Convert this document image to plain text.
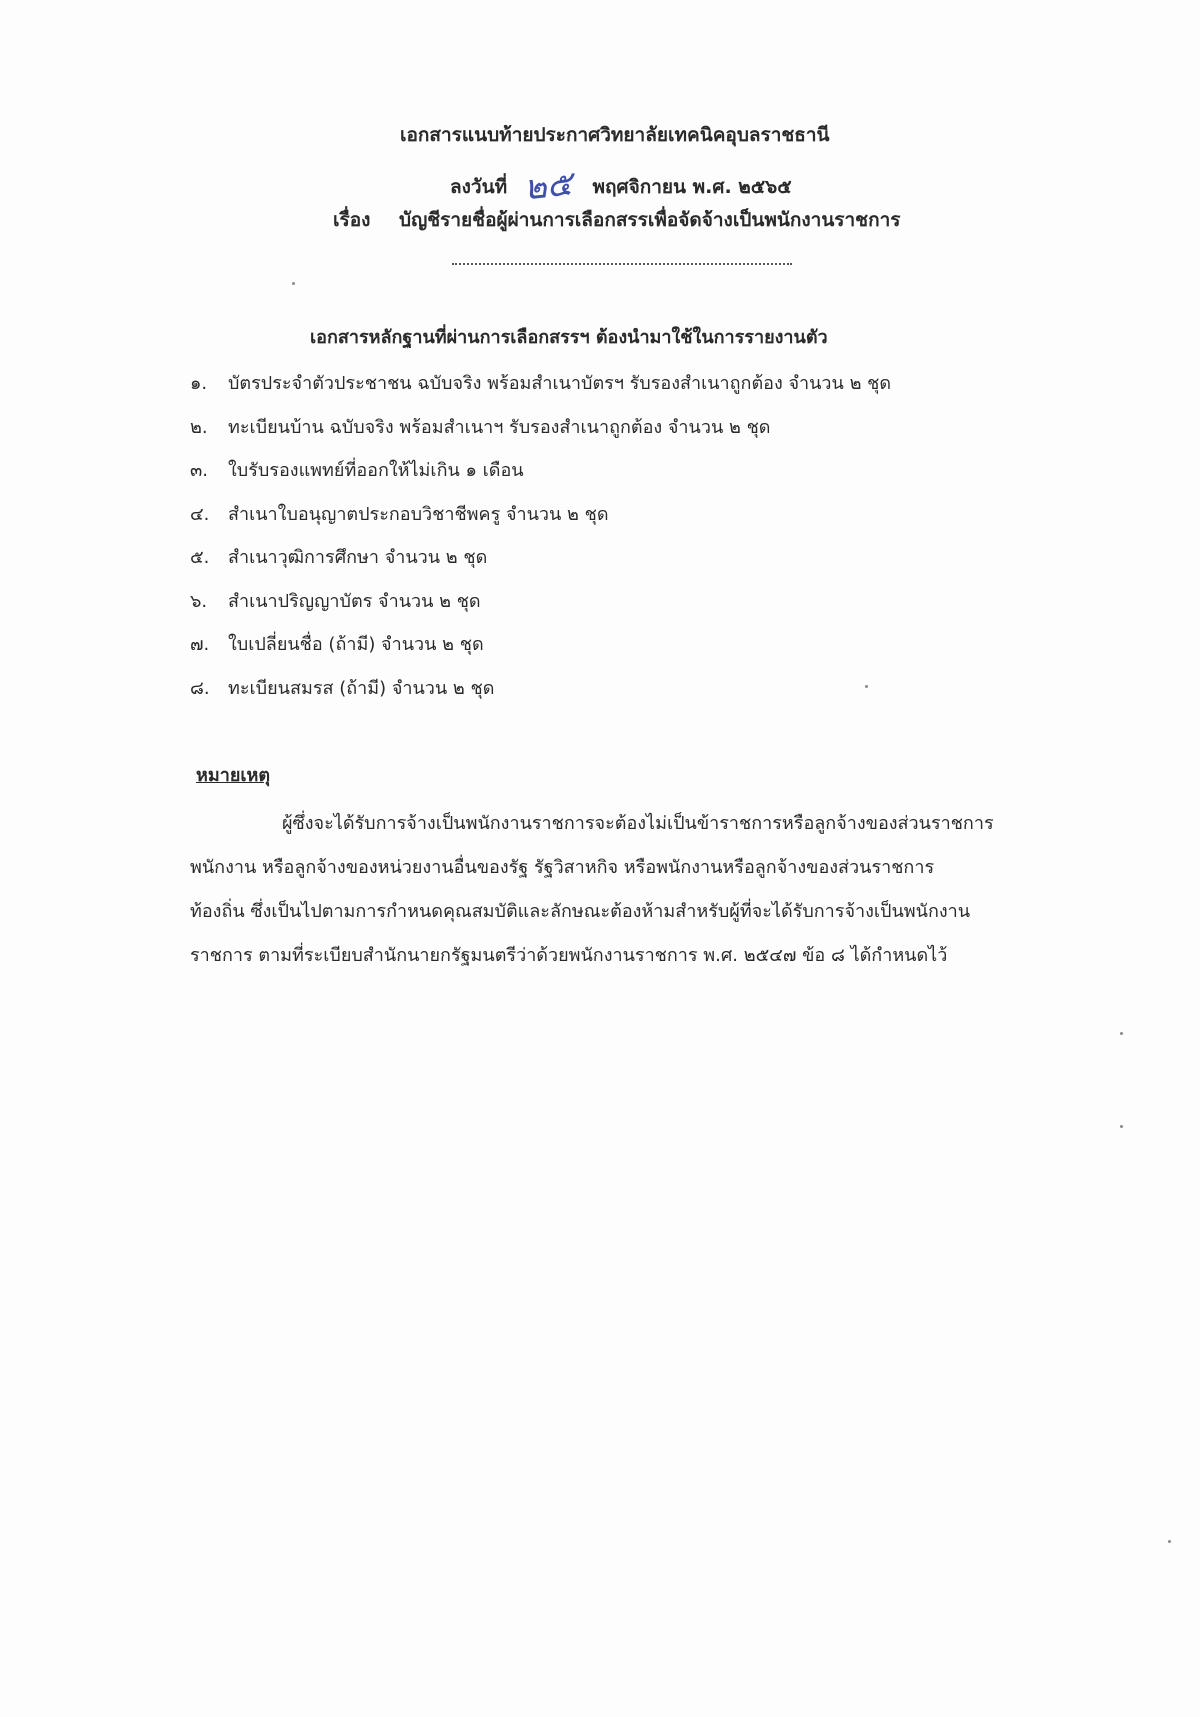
เอกสารแนบท้ายประกาศวิทยาลัยเทคนิคอุบลราชธานี
ลงวันที่ ๒๕ พฤศจิกายน พ.ศ. ๒๕๖๕
เรื่อง บัญชีรายชื่อผู้ผ่านการเลือกสรรเพื่อจัดจ้างเป็นพนักงานราชการ
เอกสารหลักฐานที่ผ่านการเลือกสรรฯ ต้องนำมาใช้ในการรายงานตัว
๑.	บัตรประจำตัวประชาชน ฉบับจริง พร้อมสำเนาบัตรฯ รับรองสำเนาถูกต้อง จำนวน ๒ ชุด
๒.	ทะเบียนบ้าน ฉบับจริง พร้อมสำเนาฯ รับรองสำเนาถูกต้อง จำนวน ๒ ชุด
๓.	ใบรับรองแพทย์ที่ออกให้ไม่เกิน ๑ เดือน
๔.	สำเนาใบอนุญาตประกอบวิชาชีพครู จำนวน ๒ ชุด
๕.	สำเนาวุฒิการศึกษา จำนวน ๒ ชุด
๖.	สำเนาปริญญาบัตร จำนวน ๒ ชุด
๗.	ใบเปลี่ยนชื่อ (ถ้ามี) จำนวน ๒ ชุด
๘.	ทะเบียนสมรส (ถ้ามี) จำนวน ๒ ชุด
หมายเหตุ
ผู้ซึ่งจะได้รับการจ้างเป็นพนักงานราชการจะต้องไม่เป็นข้าราชการหรือลูกจ้างของส่วนราชการ
พนักงาน หรือลูกจ้างของหน่วยงานอื่นของรัฐ รัฐวิสาหกิจ หรือพนักงานหรือลูกจ้างของส่วนราชการ
ท้องถิ่น ซึ่งเป็นไปตามการกำหนดคุณสมบัติและลักษณะต้องห้ามสำหรับผู้ที่จะได้รับการจ้างเป็นพนักงาน
ราชการ ตามที่ระเบียบสำนักนายกรัฐมนตรีว่าด้วยพนักงานราชการ พ.ศ. ๒๕๔๗ ข้อ ๘ ได้กำหนดไว้
